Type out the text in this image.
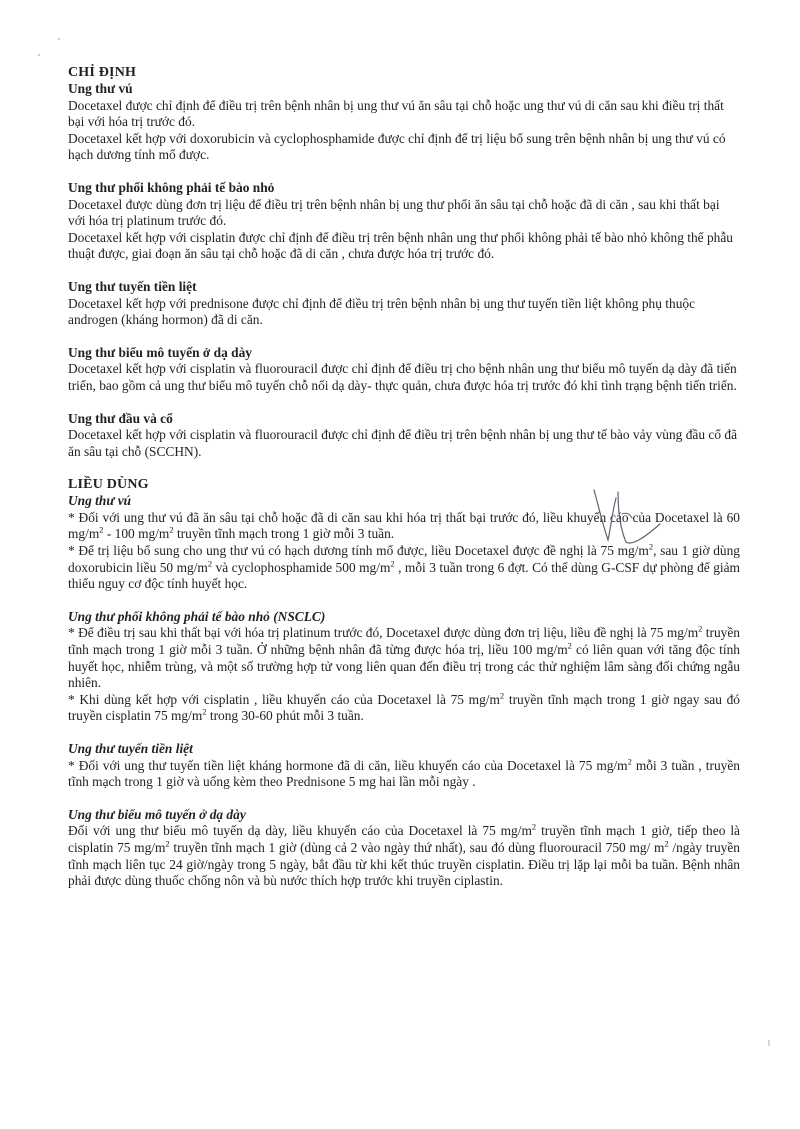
CHỈ ĐỊNH
Ung thư vú
Docetaxel được chỉ định để điều trị trên bệnh nhân bị ung thư vú ăn sâu tại chỗ hoặc ung thư vú di căn sau khi điều trị thất bại với hóa trị trước đó.
Docetaxel kết hợp với doxorubicin và cyclophosphamide được chỉ định để trị liệu bổ sung trên bệnh nhân bị ung thư vú có hạch dương tính mổ được.
Ung thư phổi không phải tế bào nhỏ
Docetaxel được dùng đơn trị liệu để điều trị trên bệnh nhân bị ung thư phổi ăn sâu tại chỗ hoặc đã di căn , sau khi thất bại với hóa trị platinum trước đó.
Docetaxel kết hợp với cisplatin được chỉ định để điều trị trên bệnh nhân ung thư phổi không phải tế bào nhỏ không thể phẫu thuật được, giai đoạn ăn sâu tại chỗ hoặc đã di căn , chưa được hóa trị trước đó.
Ung thư tuyến tiền liệt
Docetaxel kết hợp với prednisone được chỉ định để điều trị trên bệnh nhân bị ung thư tuyến tiền liệt không phụ thuộc androgen (kháng hormon) đã di căn.
Ung thư biểu mô tuyến ở dạ dày
Docetaxel kết hợp với cisplatin và fluorouracil được chỉ định để điều trị cho bệnh nhân ung thư biểu mô tuyến dạ dày đã tiến triển, bao gồm cả ung thư biểu mô tuyến chỗ nối dạ dày- thực quản, chưa được hóa trị trước đó khi tình trạng bệnh tiến triển.
Ung thư đầu và cổ
Docetaxel kết hợp với cisplatin và fluorouracil được chỉ định để điều trị trên bệnh nhân bị ung thư tế bào vảy vùng đầu cổ đã ăn sâu tại chỗ (SCCHN).
LIỀU DÙNG
Ung thư vú
* Đối với ung thư vú đã ăn sâu tại chỗ hoặc đã di căn sau khi hóa trị thất bại trước đó, liều khuyến cáo của Docetaxel là 60 $mg/m^2 - 100$ $mg/m^2$ truyền tĩnh mạch trong 1 giờ mỗi 3 tuần.
* Để trị liệu bổ sung cho ung thư vú có hạch dương tính mổ được, liều Docetaxel được đề nghị là 75 $mg/m^2$, sau 1 giờ dùng doxorubicin liều 50 $mg/m^2$ và cyclophosphamide 500 $mg/m^2$ , mỗi 3 tuần trong 6 đợt. Có thể dùng G-CSF dự phòng để giảm thiểu nguy cơ độc tính huyết học.
Ung thư phổi không phải tế bào nhỏ (NSCLC)
* Để điều trị sau khi thất bại với hóa trị platinum trước đó, Docetaxel được dùng đơn trị liệu, liều đề nghị là 75 $mg/m^2$ truyền tĩnh mạch trong 1 giờ mỗi 3 tuần. Ở những bệnh nhân đã từng được hóa trị, liều 100 $mg/m^2$ có liên quan với tăng độc tính huyết học, nhiễm trùng, và một số trường hợp tử vong liên quan đến điều trị trong các thử nghiệm lâm sàng đối chứng ngẫu nhiên.
* Khi dùng kết hợp với cisplatin , liều khuyến cáo của Docetaxel là 75 $mg/m^2$ truyền tĩnh mạch trong 1 giờ ngay sau đó truyền cisplatin 75 $mg/m^2$ trong 30-60 phút mỗi 3 tuần.
Ung thư tuyến tiền liệt
* Đối với ung thư tuyến tiền liệt kháng hormone đã di căn, liều khuyến cáo của Docetaxel là 75 $mg/m^2$ mỗi 3 tuần , truyền tĩnh mạch trong 1 giờ và uống kèm theo Prednisone 5 mg hai lần mỗi ngày .
Ung thư biểu mô tuyến ở dạ dày
Đối với ung thư biểu mô tuyến dạ dày, liều khuyến cáo của Docetaxel là 75 $mg/m^2$ truyền tĩnh mạch 1 giờ, tiếp theo là cisplatin 75 $mg/m^2$ truyền tĩnh mạch 1 giờ (dùng cả 2 vào ngày thứ nhất), sau đó dùng fluorouracil 750 mg/ $m^2$ /ngày truyền tĩnh mạch liên tục 24 giờ/ngày trong 5 ngày, bắt đầu từ khi kết thúc truyền cisplatin. Điều trị lặp lại mỗi ba tuần. Bệnh nhân phải được dùng thuốc chống nôn và bù nước thích hợp trước khi truyền ciplastin.
